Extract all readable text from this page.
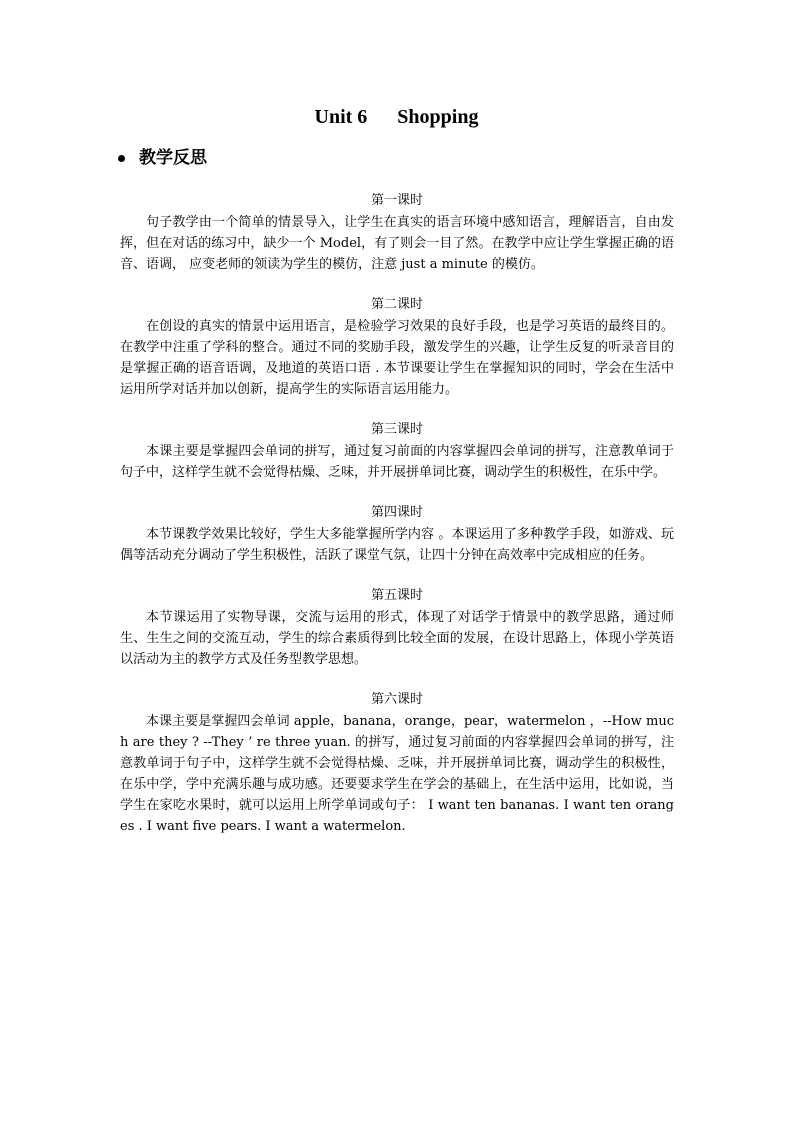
Unit 6      Shopping
教学反思
第一课时
句子教学由一个简单的情景导入，让学生在真实的语言环境中感知语言，理解语言，自由发挥，但在对话的练习中，缺少一个 Model，有了则会一目了然。在教学中应让学生掌握正确的语音、语调， 应变老师的领读为学生的模仿，注意 just a minute 的模仿。
第二课时
在创设的真实的情景中运用语言，是检验学习效果的良好手段，也是学习英语的最终目的。在教学中注重了学科的整合。通过不同的奖励手段，激发学生的兴趣，让学生反复的听录音目的是掌握正确的语音语调，及地道的英语口语 . 本节课要让学生在掌握知识的同时，学会在生活中运用所学对话并加以创新，提高学生的实际语言运用能力。
第三课时
本课主要是掌握四会单词的拼写，通过复习前面的内容掌握四会单词的拼写，注意教单词于句子中，这样学生就不会觉得枯燥、乏味，并开展拼单词比赛，调动学生的积极性，在乐中学。
第四课时
本节课教学效果比较好，学生大多能掌握所学内容 。本课运用了多种教学手段，如游戏、玩偶等活动充分调动了学生积极性，活跃了课堂气氛，让四十分钟在高效率中完成相应的任务。
第五课时
本节课运用了实物导课，交流与运用的形式，体现了对话学于情景中的教学思路，通过师生、生生之间的交流互动，学生的综合素质得到比较全面的发展，在设计思路上，体现小学英语以活动为主的教学方式及任务型教学思想。
第六课时
本课主要是掌握四会单词 apple，banana，orange，pear，watermelon ，--How much are they ? --They ’ re three yuan. 的拼写，通过复习前面的内容掌握四会单词的拼写，注意教单词于句子中，这样学生就不会觉得枯燥、乏味，并开展拼单词比赛，调动学生的积极性，在乐中学，学中充满乐趣与成功感。还要要求学生在学会的基础上，在生活中运用，比如说，当学生在家吃水果时，就可以运用上所学单词或句子： I want ten bananas. I want ten oranges . I want five pears. I want a watermelon.
